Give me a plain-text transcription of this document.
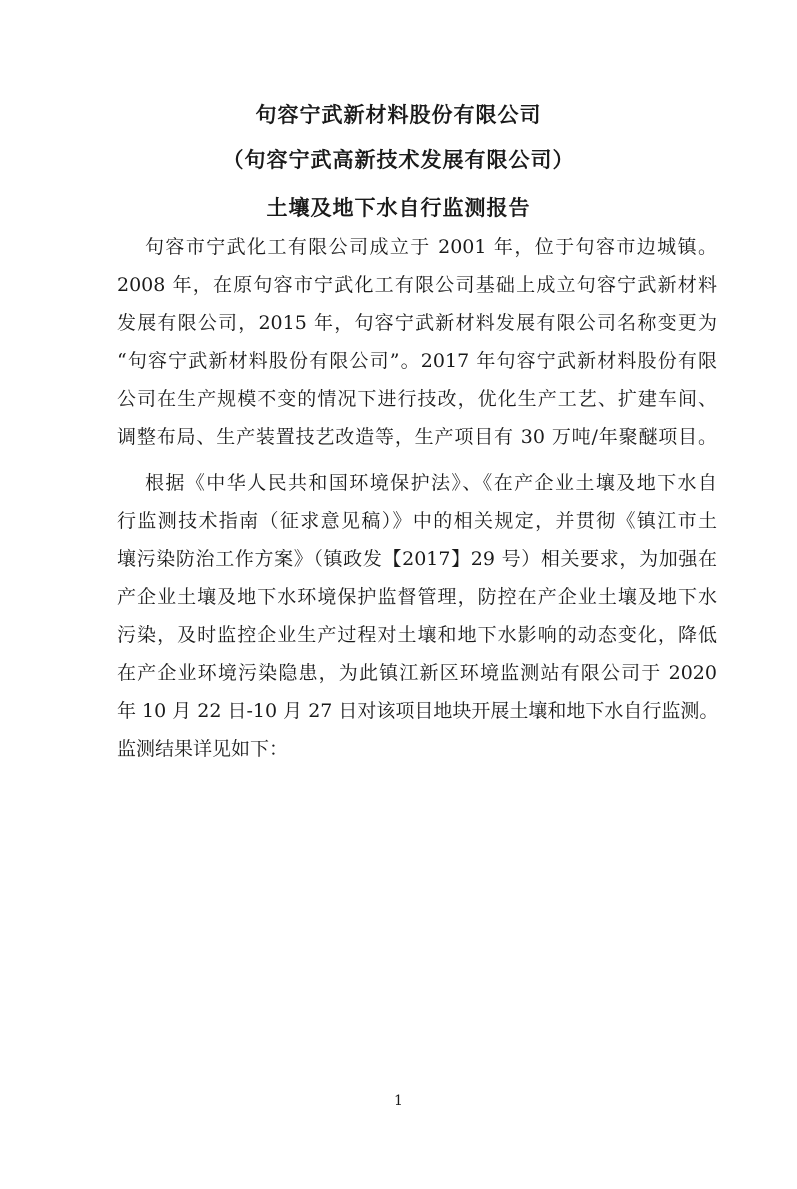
句容宁武新材料股份有限公司
（句容宁武高新技术发展有限公司）
土壤及地下水自行监测报告
句容市宁武化工有限公司成立于 2001 年，位于句容市边城镇。
2008 年，在原句容市宁武化工有限公司基础上成立句容宁武新材料
发展有限公司，2015 年，句容宁武新材料发展有限公司名称变更为
“句容宁武新材料股份有限公司”。2017 年句容宁武新材料股份有限
公司在生产规模不变的情况下进行技改，优化生产工艺、扩建车间、
调整布局、生产装置技艺改造等，生产项目有 30 万吨/年聚醚项目。
根据《中华人民共和国环境保护法》、《在产企业土壤及地下水自
行监测技术指南（征求意见稿）》中的相关规定，并贯彻《镇江市土
壤污染防治工作方案》（镇政发【2017】29 号）相关要求，为加强在
产企业土壤及地下水环境保护监督管理，防控在产企业土壤及地下水
污染，及时监控企业生产过程对土壤和地下水影响的动态变化，降低
在产企业环境污染隐患，为此镇江新区环境监测站有限公司于 2020
年 10 月 22 日-10 月 27 日对该项目地块开展土壤和地下水自行监测。
监测结果详见如下：
1
